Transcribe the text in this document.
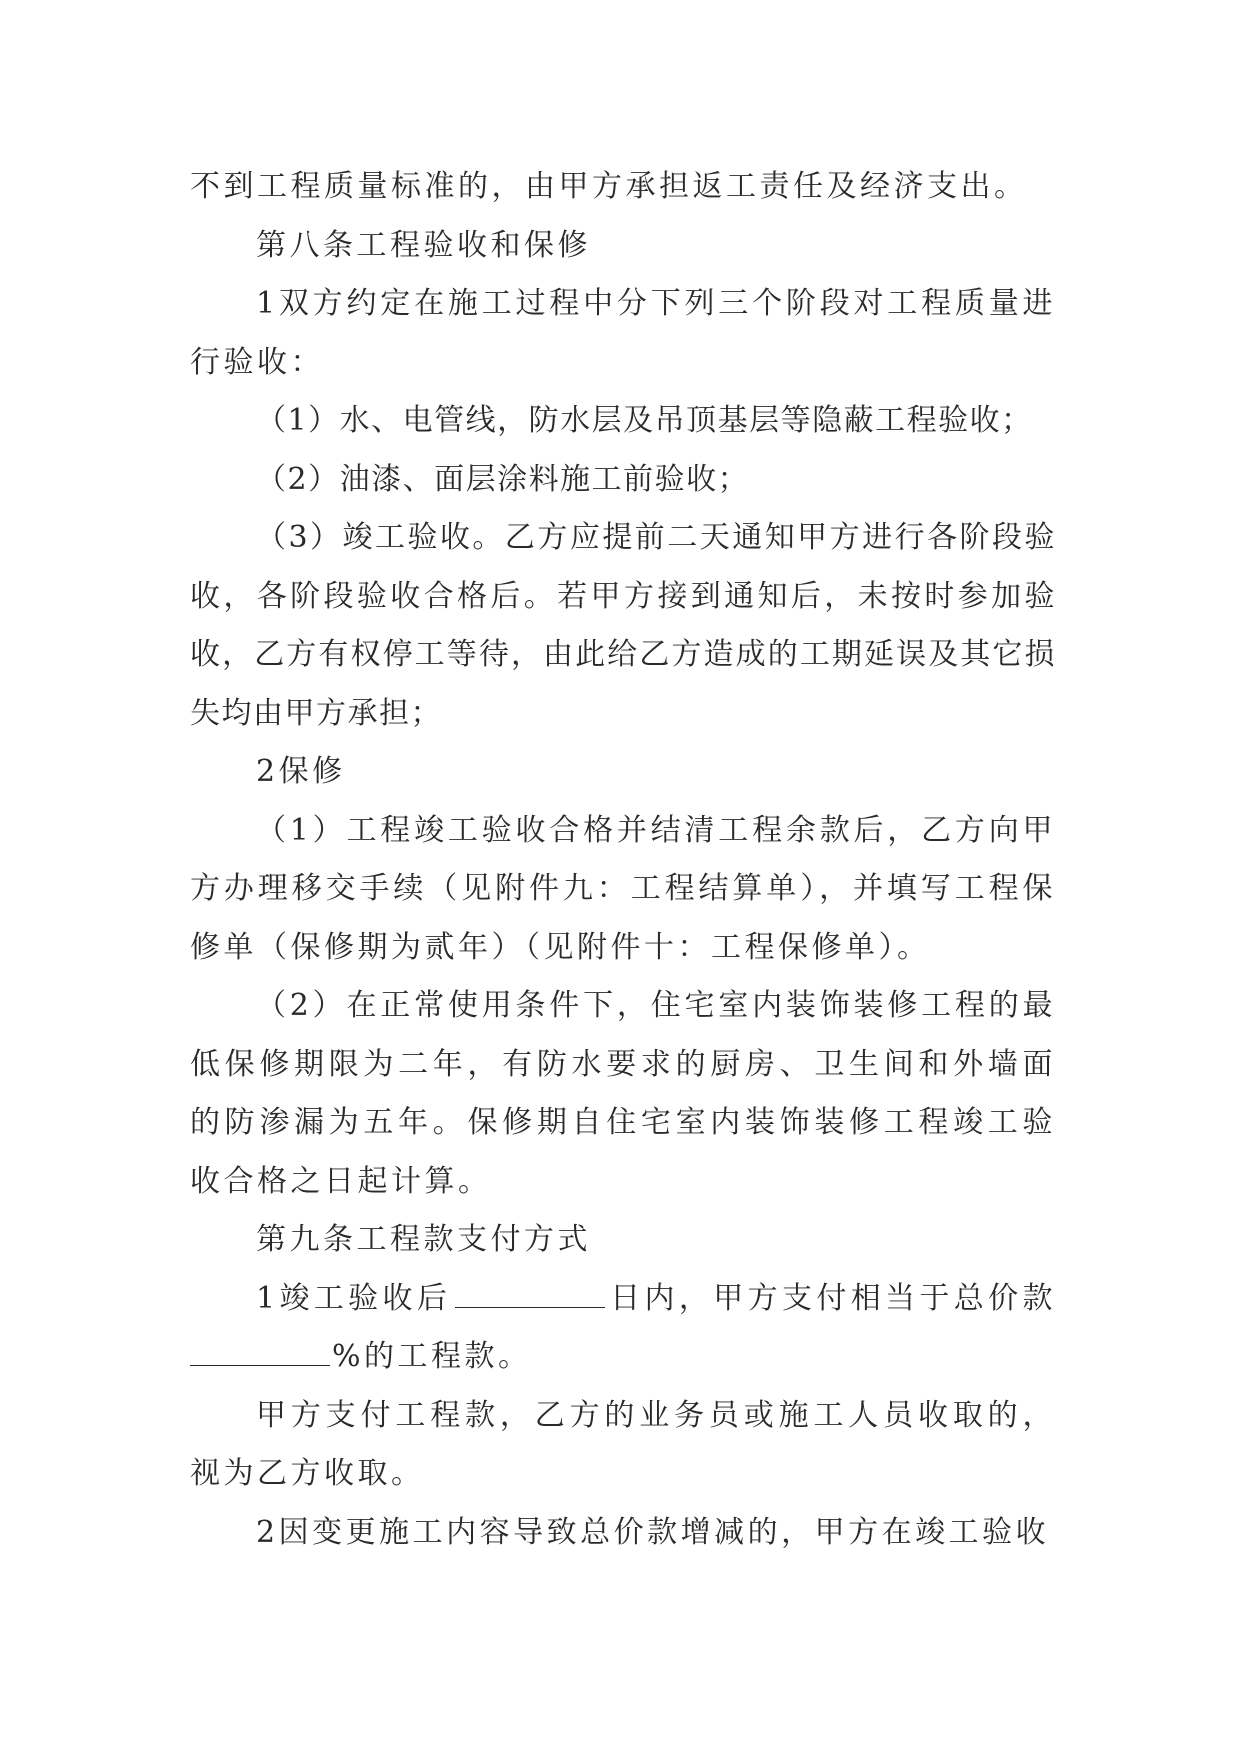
不到工程质量标准的，由甲方承担返工责任及经济支出。

第八条工程验收和保修

1双方约定在施工过程中分下列三个阶段对工程质量进行验收：

（1）水、电管线，防水层及吊顶基层等隐蔽工程验收；

（2）油漆、面层涂料施工前验收；

（3）竣工验收。乙方应提前二天通知甲方进行各阶段验收，各阶段验收合格后。若甲方接到通知后，未按时参加验收，乙方有权停工等待，由此给乙方造成的工期延误及其它损失均由甲方承担；

2保修

（1）工程竣工验收合格并结清工程余款后，乙方向甲方办理移交手续（见附件九：工程结算单），并填写工程保修单（保修期为贰年）（见附件十：工程保修单）。

（2）在正常使用条件下，住宅室内装饰装修工程的最低保修期限为二年，有防水要求的厨房、卫生间和外墙面的防渗漏为五年。保修期自住宅室内装饰装修工程竣工验收合格之日起计算。

第九条工程款支付方式

1竣工验收后	日内，甲方支付相当于总价款%的工程款。

甲方支付工程款，乙方的业务员或施工人员收取的，视为乙方收取。

2因变更施工内容导致总价款增减的，甲方在竣工验收
